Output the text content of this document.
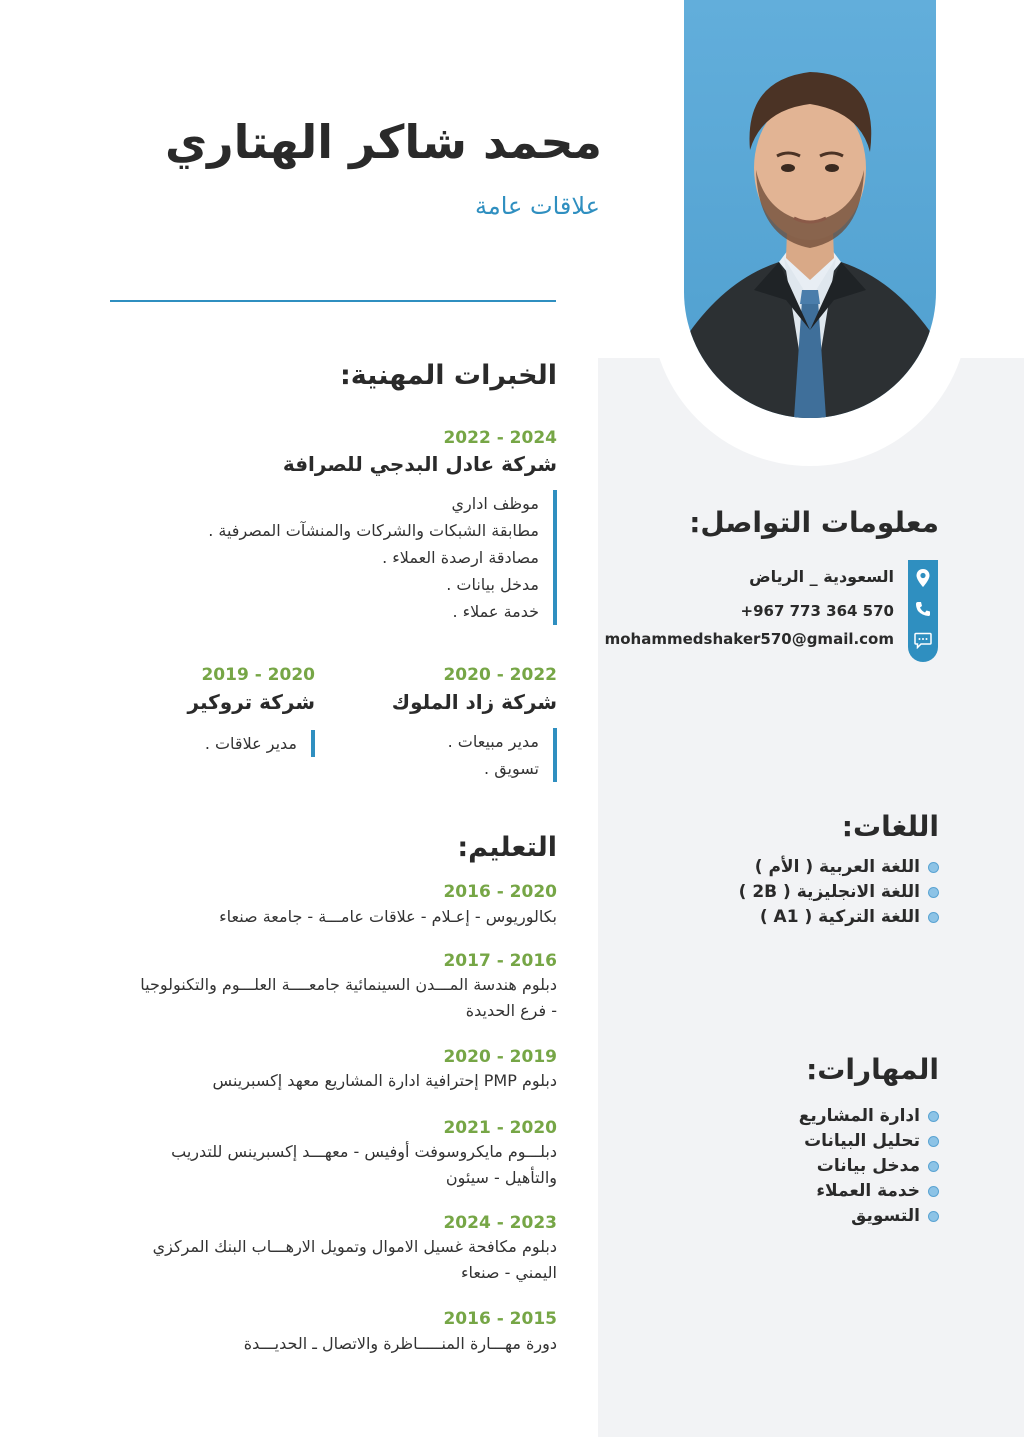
محمد شاكر الهتاري
علاقات عامة
الخبرات المهنية:
2022 - 2024
شركة عادل البدجي للصرافة
موظف اداري
مطابقة الشبكات والشركات والمنشآت المصرفية .
مصادقة ارصدة العملاء .
مدخل بيانات .
خدمة عملاء .
2020 - 2022
شركة زاد الملوك
مدير مبيعات .
تسويق .
2019 - 2020
شركة تروكير
مدير علاقات .
التعليم:
2016 - 2020
بكالوريوس - إعـلام - علاقات عامـــة - جامعة صنعاء
2017 - 2016
دبلوم هندسة المـــدن السينمائية جامعــــة العلـــوم والتكنولوجيا - فرع الحديدة
2020 - 2019
دبلوم PMP إحترافية ادارة المشاريع معهد إكسبرينس
2021 - 2020
دبلـــوم مايكروسوفت أوفيس - معهـــد إكسبرينس للتدريب والتأهيل - سيئون
2024 - 2023
دبلوم مكافحة غسيل الاموال وتمويل الارهـــاب البنك المركزي اليمني - صنعاء
2016 - 2015
دورة مهـــارة المنـــــاظرة والاتصال ـ الحديـــدة
معلومات التواصل:
السعودية _ الرياض
+967 773 364 570
mohammedshaker570@gmail.com
اللغات:
اللغة العربية ( الأم )
اللغة الانجليزية ( 2B )
اللغة التركية ( A1 )
المهارات:
ادارة المشاريع
تحليل البيانات
مدخل بيانات
خدمة العملاء
التسويق
